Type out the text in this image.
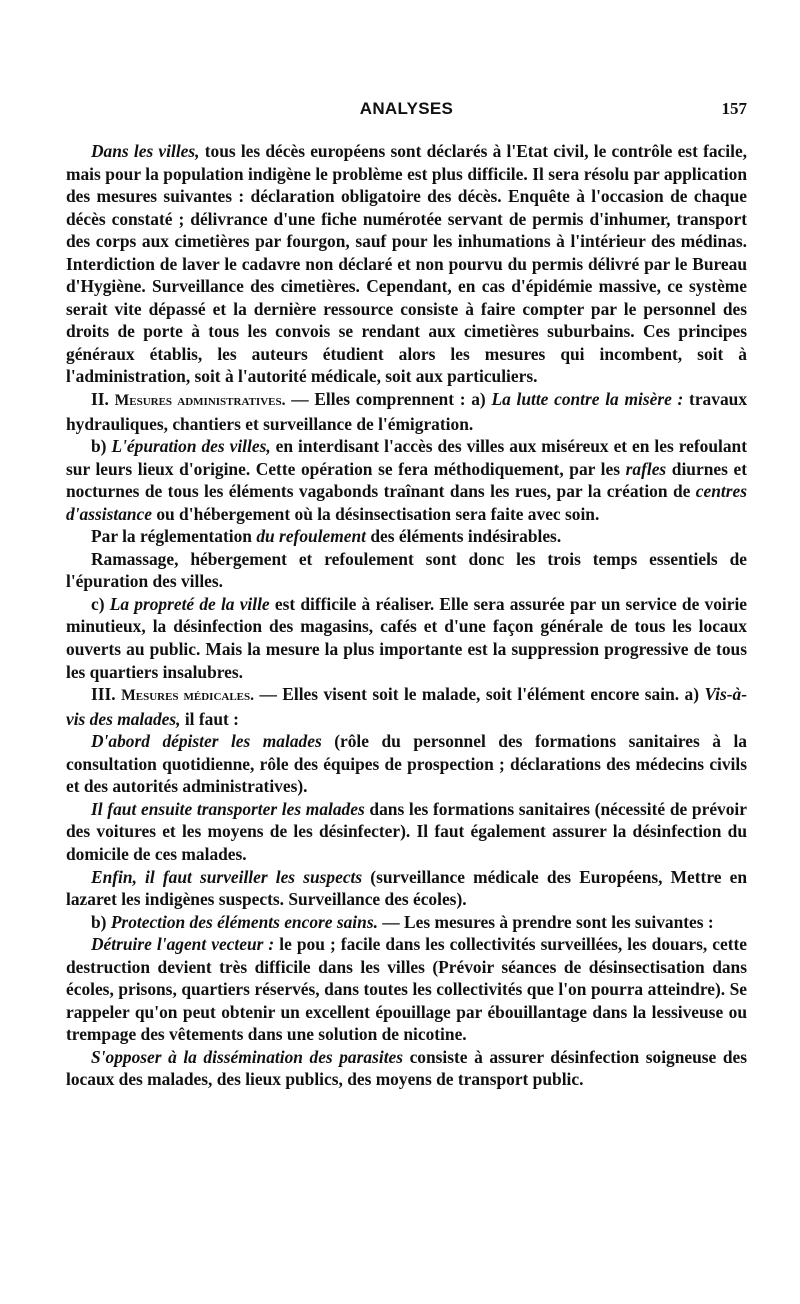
ANALYSES	157

Dans les villes, tous les décès européens sont déclarés à l'Etat civil, le contrôle est facile, mais pour la population indigène le problème est plus difficile. Il sera résolu par application des mesures suivantes : déclaration obligatoire des décès. Enquête à l'occasion de chaque décès constaté ; délivrance d'une fiche numérotée servant de permis d'inhumer, transport des corps aux cimetières par fourgon, sauf pour les inhumations à l'intérieur des médinas. Interdiction de laver le cadavre non déclaré et non pourvu du permis délivré par le Bureau d'Hygiène. Surveillance des cimetières. Cependant, en cas d'épidémie massive, ce système serait vite dépassé et la dernière ressource consiste à faire compter par le personnel des droits de porte à tous les convois se rendant aux cimetières suburbains. Ces principes généraux établis, les auteurs étudient alors les mesures qui incombent, soit à l'administration, soit à l'autorité médicale, soit aux particuliers.

II. Mesures administratives. — Elles comprennent : a) La lutte contre la misère : travaux hydrauliques, chantiers et surveillance de l'émigration.

b) L'épuration des villes, en interdisant l'accès des villes aux miséreux et en les refoulant sur leurs lieux d'origine. Cette opération se fera méthodiquement, par les rafles diurnes et nocturnes de tous les éléments vagabonds traînant dans les rues, par la création de centres d'assistance ou d'hébergement où la désinsectisation sera faite avec soin.

Par la réglementation du refoulement des éléments indésirables.

Ramassage, hébergement et refoulement sont donc les trois temps essentiels de l'épuration des villes.

c) La propreté de la ville est difficile à réaliser. Elle sera assurée par un service de voirie minutieux, la désinfection des magasins, cafés et d'une façon générale de tous les locaux ouverts au public. Mais la mesure la plus importante est la suppression progressive de tous les quartiers insalubres.

III. Mesures médicales. — Elles visent soit le malade, soit l'élément encore sain. a) Vis-à-vis des malades, il faut :

D'abord dépister les malades (rôle du personnel des formations sanitaires à la consultation quotidienne, rôle des équipes de prospection ; déclarations des médecins civils et des autorités administratives).

Il faut ensuite transporter les malades dans les formations sanitaires (nécessité de prévoir des voitures et les moyens de les désinfecter). Il faut également assurer la désinfection du domicile de ces malades.

Enfin, il faut surveiller les suspects (surveillance médicale des Européens, Mettre en lazaret les indigènes suspects. Surveillance des écoles).

b) Protection des éléments encore sains. — Les mesures à prendre sont les suivantes :

Détruire l'agent vecteur : le pou ; facile dans les collectivités surveillées, les douars, cette destruction devient très difficile dans les villes (Prévoir séances de désinsectisation dans écoles, prisons, quartiers réservés, dans toutes les collectivités que l'on pourra atteindre). Se rappeler qu'on peut obtenir un excellent épouillage par ébouillantage dans la lessiveuse ou trempage des vêtements dans une solution de nicotine.

S'opposer à la dissémination des parasites consiste à assurer désinfection soigneuse des locaux des malades, des lieux publics, des moyens de transport public.
